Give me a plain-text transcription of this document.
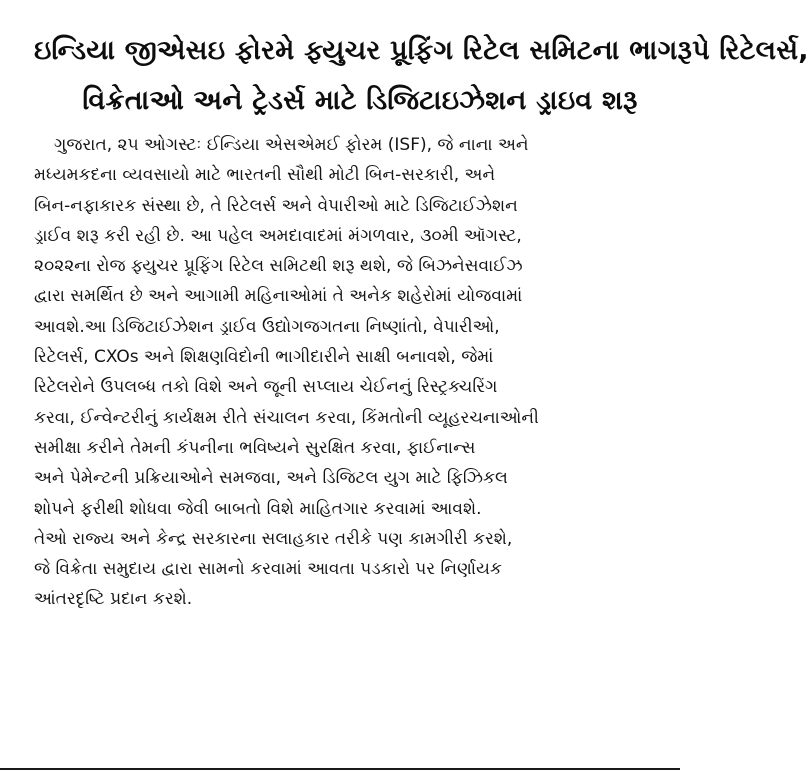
ઇન્ડિયા જીએસઇ ફોરમે ફ્યુચર પ્રૂફિંગ રિટેલ સમિટના ભાગરૂપે રિટેલર્સ,
વિક્રેતાઓ અને ટ્રેડર્સ માટે ડિજિટાઇઝેશન ડ્રાઇવ શરૂ
ગુજરાત, ૨૫ ઓગસ્ટઃ ઈન્ડિયા એસએમઈ ફોરમ (ISF), જે નાના અને
મધ્યમકદના વ્યવસાયો માટે ભારતની સૌથી મોટી બિન-સરકારી, અને
બિન-નફાકારક સંસ્થા છે, તે રિટેલર્સ અને વેપારીઓ માટે ડિજિટાઈઝેશન
ડ્રાઈવ શરૂ કરી રહી છે. આ પહેલ અમદાવાદમાં મંગળવાર, ૩૦મી ઑગસ્ટ,
૨૦૨૨ના રોજ ફ્યુચર પ્રૂફિંગ રિટેલ સમિટથી શરૂ થશે, જે બિઝનેસવાઈઝ
દ્વારા સમર્થિત છે અને આગામી મહિનાઓમાં તે અનેક શહેરોમાં યોજવામાં
આવશે.આ ડિજિટાઈઝેશન ડ્રાઈવ ઉદ્યોગજગતના નિષ્ણાંતો, વેપારીઓ,
રિટેલર્સ, CXOs અને શિક્ષણવિદોની ભાગીદારીને સાક્ષી બનાવશે, જેમાં
રિટેલરોને ઉપલબ્ધ તકો વિશે અને જૂની સપ્લાય ચેઈનનું રિસ્ટ્રક્ચરિંગ
કરવા, ઈન્વેન્ટરીનું કાર્યક્ષમ રીતે સંચાલન કરવા, કિંમતોની વ્યૂહરચનાઓની
સમીક્ષા કરીને તેમની કંપનીના ભવિષ્યને સુરક્ષિત કરવા, ફાઈનાન્સ
અને પેમેન્ટની પ્રક્રિયાઓને સમજવા, અને ડિજિટલ યુગ માટે ફિઝિકલ
શોપને ફરીથી શોધવા જેવી બાબતો વિશે માહિતગાર કરવામાં આવશે.
તેઓ રાજ્ય અને કેન્દ્ર સરકારના સલાહકાર તરીકે પણ કામગીરી કરશે,
જે વિક્રેતા સમુદાય દ્વારા સામનો કરવામાં આવતા પડકારો પર નિર્ણાયક
આંતરદૃષ્ટિ પ્રદાન કરશે.
